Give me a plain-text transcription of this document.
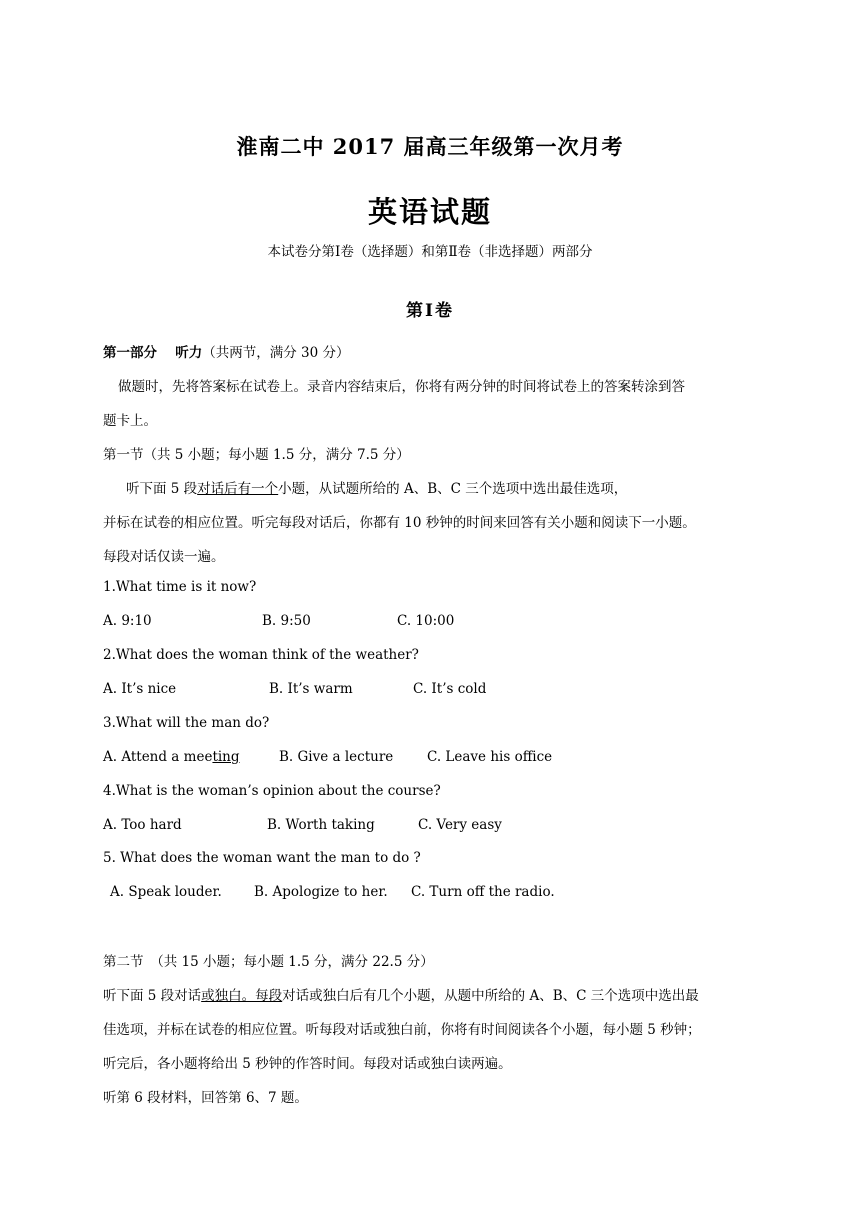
淮南二中 2017 届高三年级第一次月考
英语试题
本试卷分第Ⅰ卷（选择题）和第Ⅱ卷（非选择题）两部分
第Ⅰ卷
第一部分　 听力（共两节，满分 30 分）
做题时，先将答案标在试卷上。录音内容结束后，你将有两分钟的时间将试卷上的答案转涂到答
题卡上。
第一节（共 5 小题；每小题 1.5 分，满分 7.5 分）
听下面 5 段对话后有一个小题，从试题所给的 A、B、C 三个选项中选出最佳选项，
并标在试卷的相应位置。听完每段对话后，你都有 10 秒钟的时间来回答有关小题和阅读下一小题。
每段对话仅读一遍。
1.What time is it now?
A. 9:10	B. 9:50	C. 10:00
2.What does the woman think of the weather?
A. It’s nice	B. It’s warm	C. It’s cold
3.What will the man do?
A. Attend a meeting	B. Give a lecture C. Leave his office
4.What is the woman’s opinion about the course?
A. Too hard	B. Worth taking	C. Very easy
5. What does the woman want the man to do ?
A. Speak louder. B. Apologize to her. C. Turn off the radio.
第二节　（共 15 小题；每小题 1.5 分，满分 22.5 分）
听下面 5 段对话或独白。每段对话或独白后有几个小题，从题中所给的 A、B、C 三个选项中选出最
佳选项，并标在试卷的相应位置。听每段对话或独白前，你将有时间阅读各个小题，每小题 5 秒钟；
听完后，各小题将给出 5 秒钟的作答时间。每段对话或独白读两遍。
听第 6 段材料，回答第 6、7 题。
